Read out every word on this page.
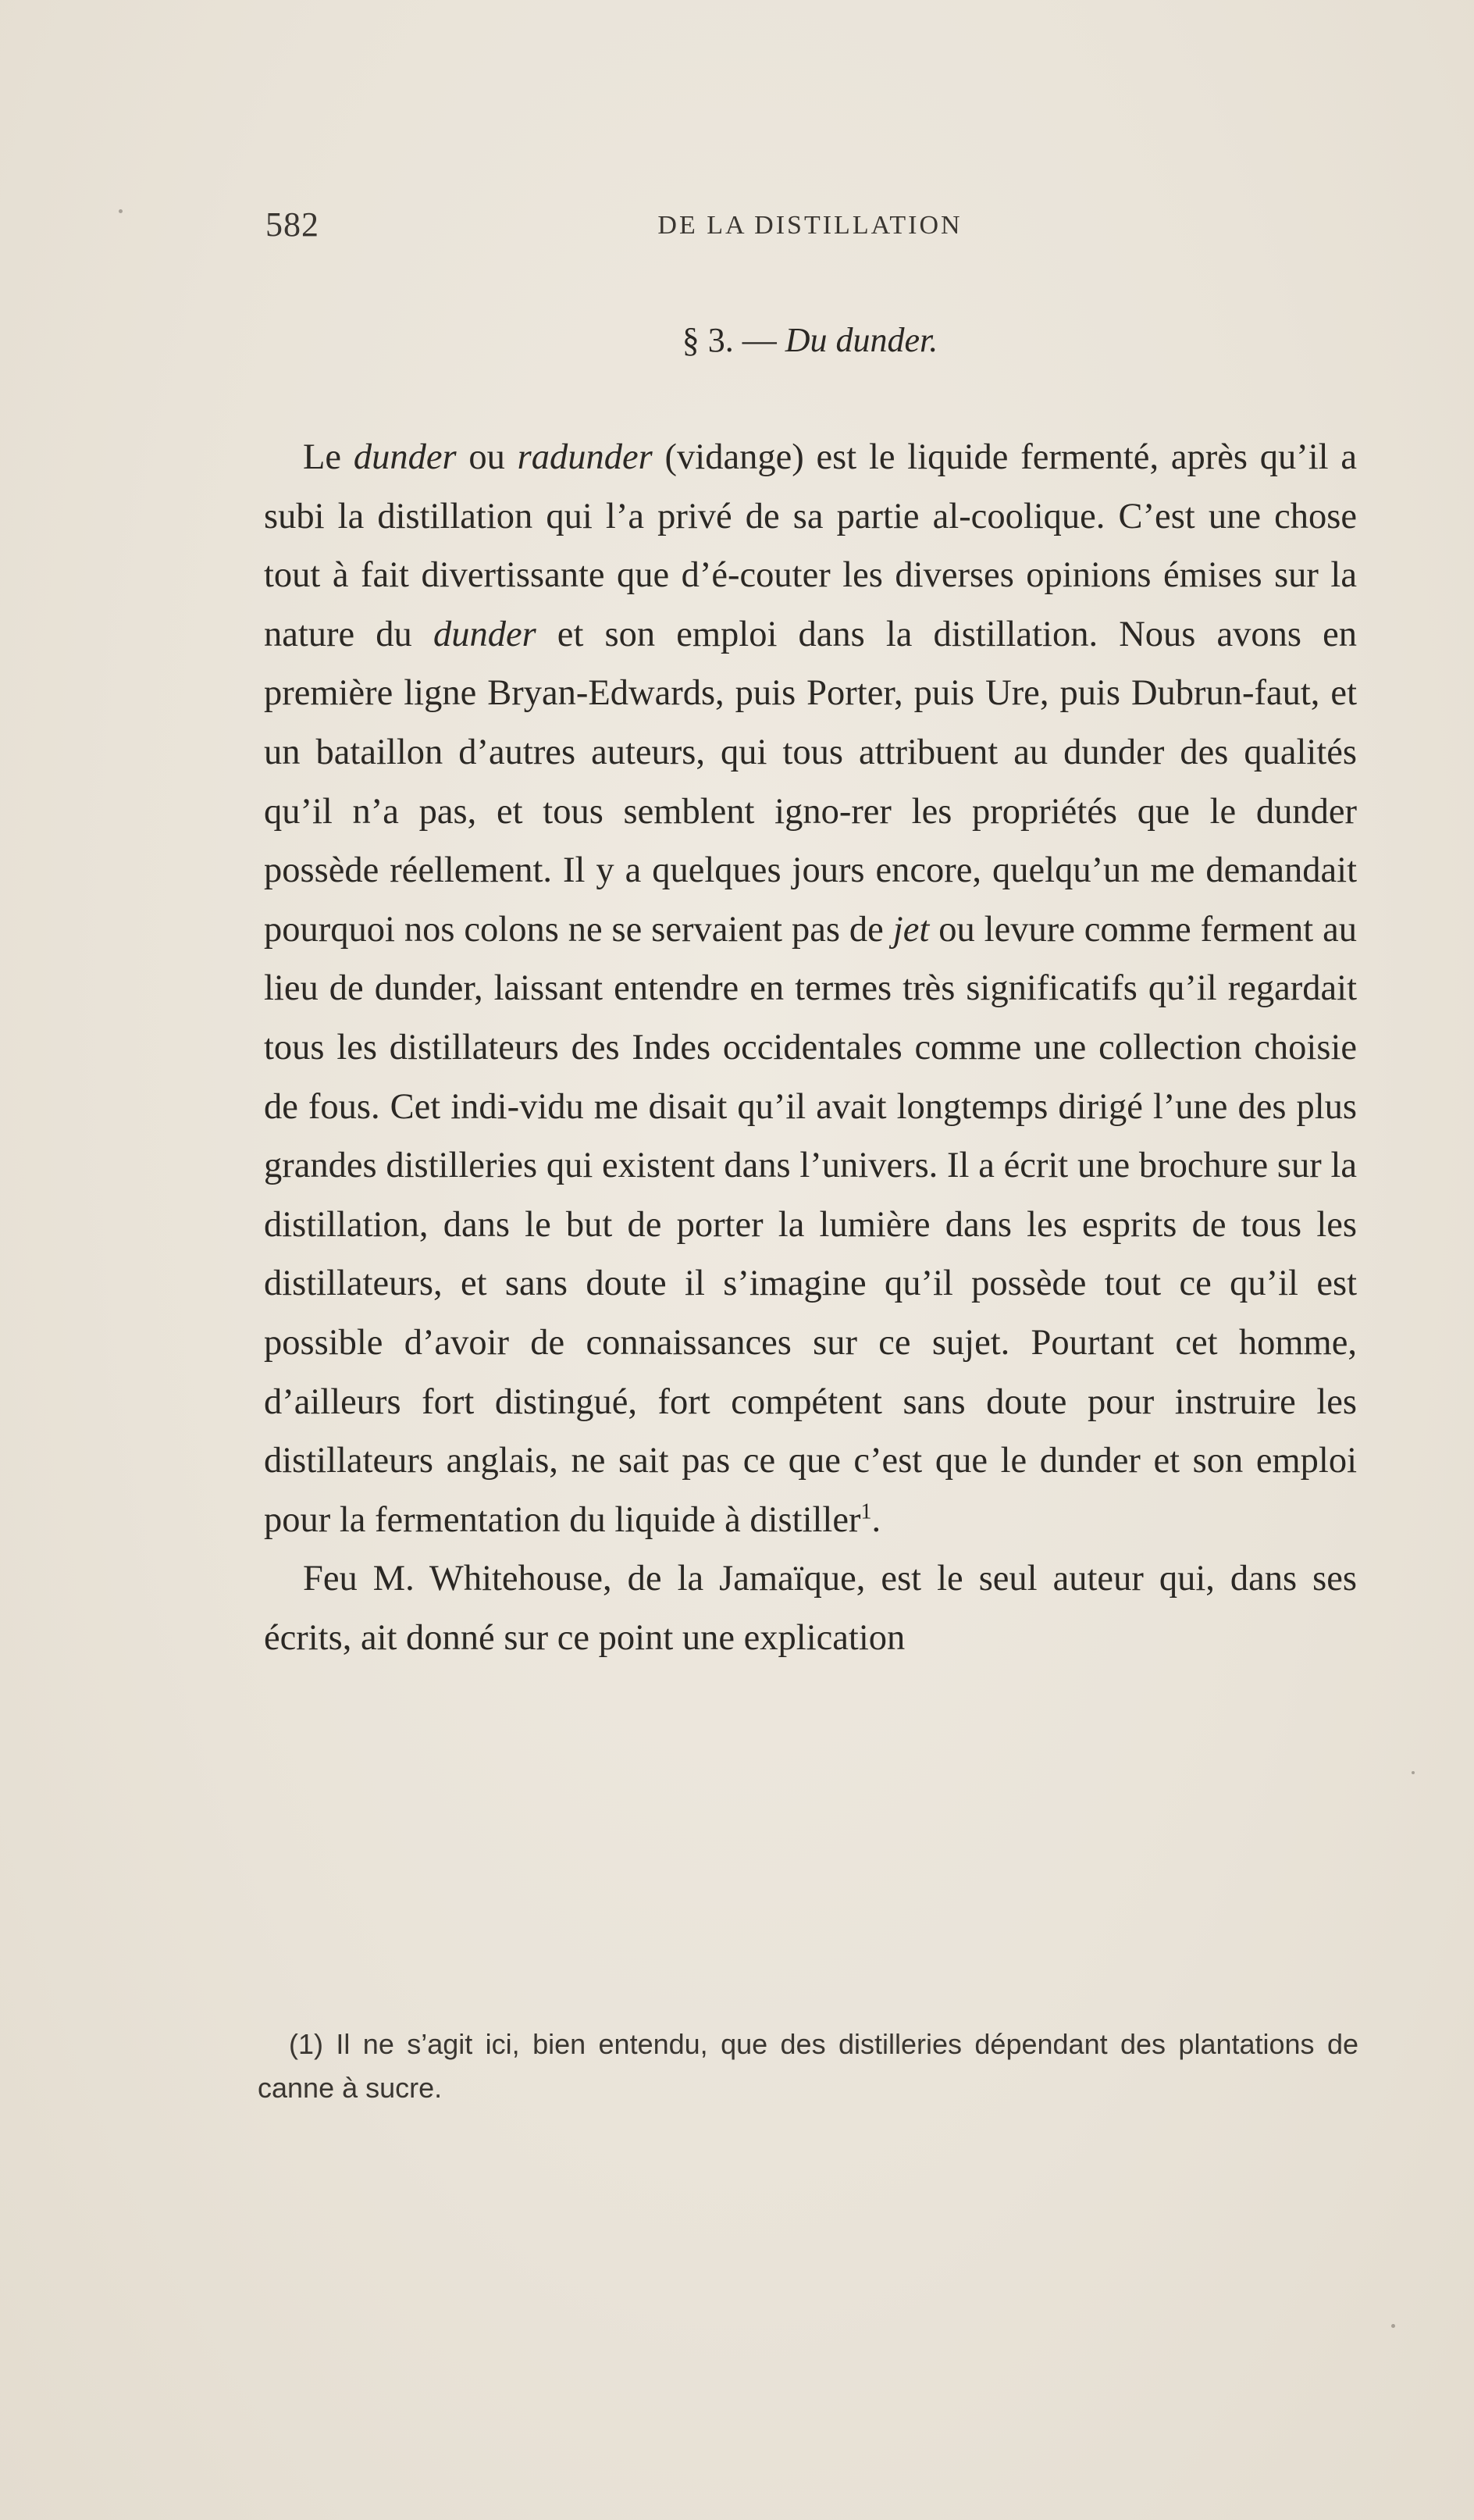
582	DE LA DISTILLATION
§ 3. — Du dunder.

Le dunder ou radunder (vidange) est le liquide fermenté, après qu’il a subi la distillation qui l’a privé de sa partie al-coolique. C’est une chose tout à fait divertissante que d’é-couter les diverses opinions émises sur la nature du dunder et son emploi dans la distillation. Nous avons en première ligne Bryan-Edwards, puis Porter, puis Ure, puis Dubrun-faut, et un bataillon d’autres auteurs, qui tous attribuent au dunder des qualités qu’il n’a pas, et tous semblent igno-rer les propriétés que le dunder possède réellement. Il y a quelques jours encore, quelqu’un me demandait pourquoi nos colons ne se servaient pas de jet ou levure comme ferment au lieu de dunder, laissant entendre en termes très significatifs qu’il regardait tous les distillateurs des Indes occidentales comme une collection choisie de fous. Cet indi-vidu me disait qu’il avait longtemps dirigé l’une des plus grandes distilleries qui existent dans l’univers. Il a écrit une brochure sur la distillation, dans le but de porter la lumière dans les esprits de tous les distillateurs, et sans doute il s’imagine qu’il possède tout ce qu’il est possible d’avoir de connaissances sur ce sujet. Pourtant cet homme, d’ailleurs fort distingué, fort compétent sans doute pour instruire les distillateurs anglais, ne sait pas ce que c’est que le dunder et son emploi pour la fermentation du liquide à distiller$^1$.

Feu M. Whitehouse, de la Jamaïque, est le seul auteur qui, dans ses écrits, ait donné sur ce point une explication

(1) Il ne s’agit ici, bien entendu, que des distilleries dépendant des plantations de canne à sucre.
